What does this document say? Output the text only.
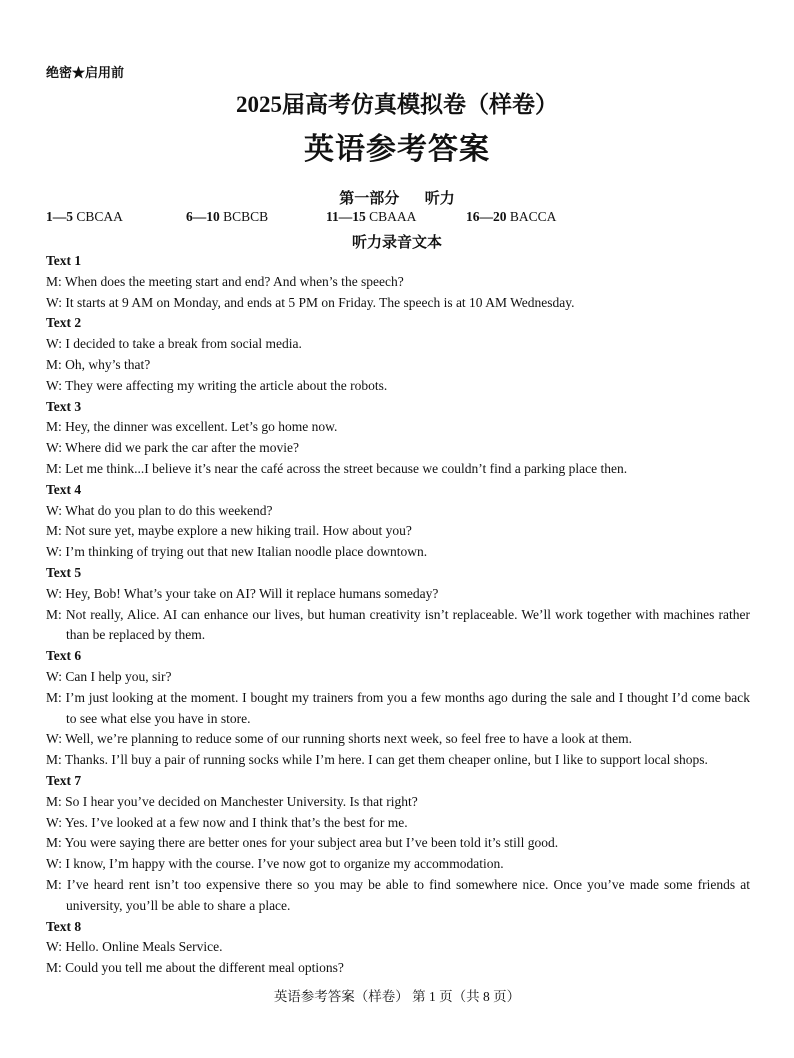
绝密★启用前
2025届高考仿真模拟卷（样卷）
英语参考答案
第一部分 听力
1—5 CBCAA	6—10 BCBCB	11—15 CBAAA	16—20 BACCA
听力录音文本
Text 1
M: When does the meeting start and end? And when’s the speech?
W: It starts at 9 AM on Monday, and ends at 5 PM on Friday. The speech is at 10 AM Wednesday.
Text 2
W: I decided to take a break from social media.
M: Oh, why’s that?
W: They were affecting my writing the article about the robots.
Text 3
M: Hey, the dinner was excellent. Let’s go home now.
W: Where did we park the car after the movie?
M: Let me think...I believe it’s near the café across the street because we couldn’t find a parking place then.
Text 4
W: What do you plan to do this weekend?
M: Not sure yet, maybe explore a new hiking trail. How about you?
W: I’m thinking of trying out that new Italian noodle place downtown.
Text 5
W: Hey, Bob! What’s your take on AI? Will it replace humans someday?
M: Not really, Alice. AI can enhance our lives, but human creativity isn’t replaceable. We’ll work together with machines rather than be replaced by them.
Text 6
W: Can I help you, sir?
M: I’m just looking at the moment. I bought my trainers from you a few months ago during the sale and I thought I’d come back to see what else you have in store.
W: Well, we’re planning to reduce some of our running shorts next week, so feel free to have a look at them.
M: Thanks. I’ll buy a pair of running socks while I’m here. I can get them cheaper online, but I like to support local shops.
Text 7
M: So I hear you’ve decided on Manchester University. Is that right?
W: Yes. I’ve looked at a few now and I think that’s the best for me.
M: You were saying there are better ones for your subject area but I’ve been told it’s still good.
W: I know, I’m happy with the course. I’ve now got to organize my accommodation.
M: I’ve heard rent isn’t too expensive there so you may be able to find somewhere nice. Once you’ve made some friends at university, you’ll be able to share a place.
Text 8
W: Hello. Online Meals Service.
M: Could you tell me about the different meal options?
英语参考答案（样卷） 第 1 页（共 8 页）
